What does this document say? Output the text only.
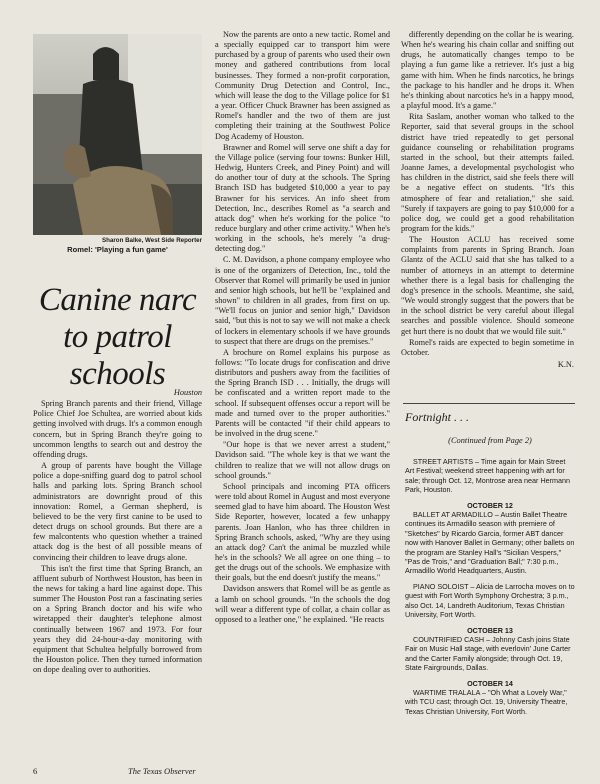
Sharon Balke, West Side Reporter
Romel: 'Playing a fun game'
Canine narc to patrol schools
Houston

Spring Branch parents and their friend, Village Police Chief Joe Schultea, are worried about kids getting involved with drugs. It's a common enough concern, but in Spring Branch they're going to uncommon lengths to search out and destroy the offending drugs.

A group of parents have bought the Village police a dope-sniffing guard dog to patrol school halls and parking lots. Spring Branch school administrators are downright proud of this innovation: Romel, a German shepherd, is believed to be the very first canine to be used to detect drugs on school grounds. But there are a few malcontents who question whether a trained attack dog is the best of all possible means of convincing their children to leave drugs alone.

This isn't the first time that Spring Branch, an affluent suburb of Northwest Houston, has been in the news for taking a hard line against dope. This summer The Houston Post ran a fascinating series on a Spring Branch doctor and his wife who wiretapped their daughter's telephone almost continually between 1967 and 1973. For four years they did 24-hour-a-day monitoring with equipment that Schultea helpfully borrowed from the Houston police. Then they turned information on dope dealing over to authorities.

Now the parents are onto a new tactic. Romel and a specially equipped car to transport him were purchased by a group of parents who used their own money and gathered contributions from local businesses. They formed a non-profit corporation, Community Drug Detection and Control, Inc., which will lease the dog to the Village police for $1 a year. Officer Chuck Brawner has been assigned as Romel's handler and the two of them are just completing their training at the Southwest Police Dog Academy of Houston.

Brawner and Romel will serve one shift a day for the Village police (serving four towns: Bunker Hill, Hedwig, Hunters Creek, and Piney Point) and will do another tour of duty at the schools. The Spring Branch ISD has budgeted $10,000 a year to pay Brawner for his services. An info sheet from Detection, Inc., describes Romel as "a search and attack dog" when he's working for the police "to reduce burglary and other crime activity." When he's working in the schools, he's merely "a drug-detecting dog."

C. M. Davidson, a phone company employee who is one of the organizers of Detection, Inc., told the Observer that Romel will primarily be used in junior and senior high schools, but he'll be "explained and shown" to children in all grades, from first on up. "We'll focus on junior and senior high," Davidson said, "but this is not to say we will not make a check of lockers in elementary schools if we have grounds to suspect that there are drugs on the premises."

A brochure on Romel explains his purpose as follows: "To locate drugs for confiscation and drive distributors and pushers away from the facilities of the Spring Branch ISD . . . Initially, the drugs will be confiscated and a written report made to the school. If subsequent offenses occur a report will be made and turned over to the proper authorities." Parents will be contacted "if their child appears to be involved in the drug scene."

"Our hope is that we never arrest a student," Davidson said. "The whole key is that we want the children to realize that we will not allow drugs on school grounds."

School principals and incoming PTA officers were told about Romel in August and most everyone seemed glad to have him aboard. The Houston West Side Reporter, however, located a few unhappy parents. Joan Hanlon, who has three children in Spring Branch schools, asked, "Why are they using an attack dog? Can't the animal be muzzled while he's in the schools? We all agree on one thing – to get the drugs out of the schools. We emphasize with their goals, but the end doesn't justify the means."

Davidson answers that Romel will be as gentle as a lamb on school grounds. "In the schools the dog will wear a different type of collar, a chain collar as opposed to a leather one," he explained. "He reacts

differently depending on the collar he is wearing. When he's wearing his chain collar and sniffing out drugs, he automatically changes tempo to be playing a fun game like a retriever. It's just a big game with him. When he finds narcotics, he brings the package to his handler and he drops it. When he's thinking about narcotics he's in a happy mood, a playful mood. It's a game."

Rita Saslam, another woman who talked to the Reporter, said that several groups in the school district have tried repeatedly to get personal guidance counseling or rehabilitation programs started in the school, but their attempts failed. Joanne James, a developmental psychologist who has children in the district, said she feels there will be a negative effect on students. "It's this atmosphere of fear and retaliation," she said. "Surely if taxpayers are going to pay $10,000 for a police dog, we could get a good rehabilitation program for the kids."

The Houston ACLU has received some complaints from parents in Spring Branch. Joan Glantz of the ACLU said that she has talked to a number of attorneys in an attempt to determine whether there is a legal basis for challenging the dog's presence in the schools. Meantime, she said, "We would strongly suggest that the powers that be in the school district be very careful about illegal searches and possible violence. Should someone get hurt there is no doubt that we would file suit."

Romel's raids are expected to begin sometime in October.

K.N.
Fortnight . . .
(Continued from Page 2)

STREET ARTISTS – Time again for Main Street Art Festival; weekend street happening with art for sale; through Oct. 12, Montrose area near Hermann Park, Houston.

OCTOBER 12

BALLET AT ARMADILLO – Austin Ballet Theatre continues its Armadillo season with premiere of "Sketches" by Ricardo Garcia, former ABT dancer now with Hanover Ballet in Germany; other ballets on the program are Stanley Hall's "Sicilian Vespers," "Pas de Trois," and "Graduation Ball;" 7:30 p.m., Armadillo World Headquarters, Austin.

PIANO SOLOIST – Alicia de Larrocha moves on to guest with Fort Worth Symphony Orchestra; 3 p.m., also Oct. 14, Landreth Auditorium, Texas Christian University, Fort Worth.

OCTOBER 13

COUNTRIFIED CASH – Johnny Cash joins State Fair on Music Hall stage, with everlovin' June Carter and the Carter Family alongside; through Oct. 19, State Fairgrounds, Dallas.

OCTOBER 14

WARTIME TRALALA – "Oh What a Lovely War," with TCU cast; through Oct. 19, University Theatre, Texas Christian University, Fort Worth.

6	The Texas Observer
